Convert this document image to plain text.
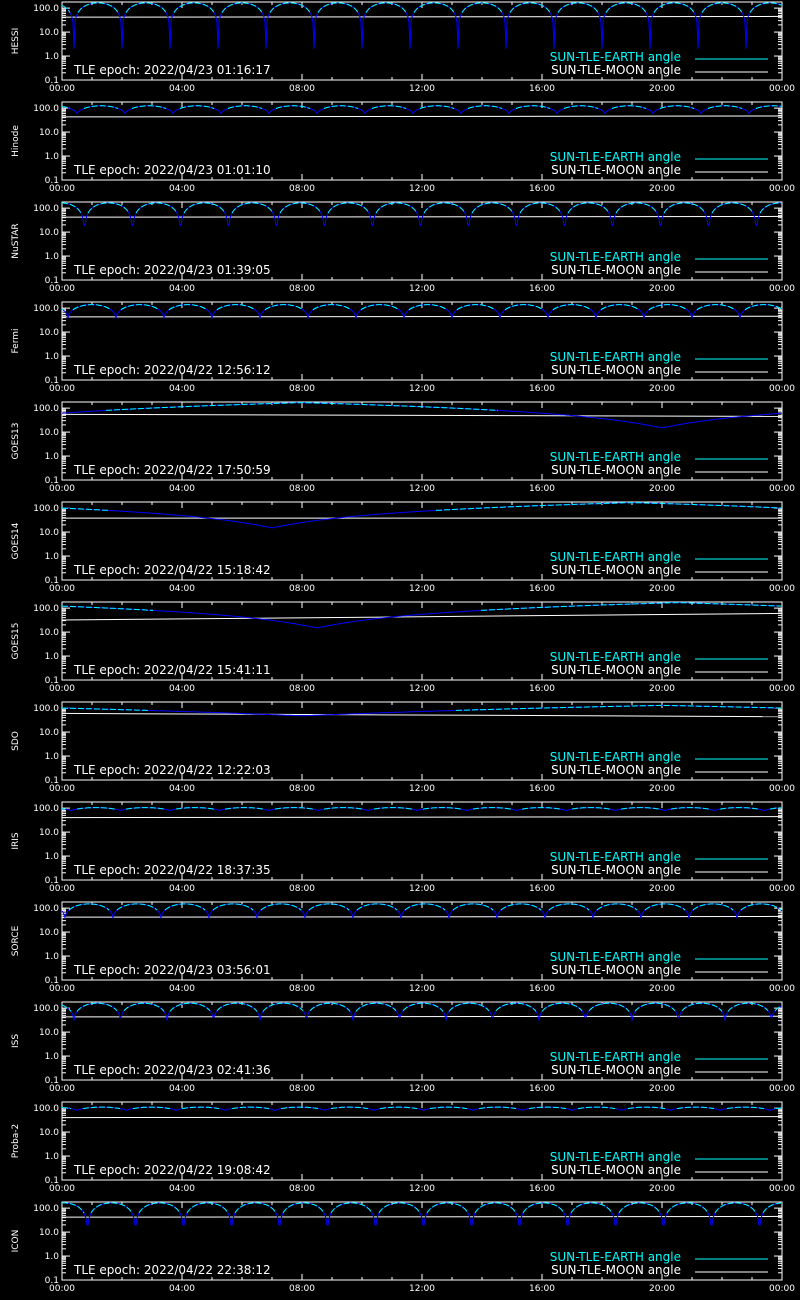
100.0
10.0
1.0
0.1
00:00	04:00	08:00	12:00	16:00	20:00	00:00
HESSI
TLE epoch: 2022/04/23 01:16:17
SUN-TLE-EARTH angle
SUN-TLE-MOON angle
100.0
10.0
1.0
0.1
00:00	04:00	08:00	12:00	16:00	20:00	00:00
Hinode
TLE epoch: 2022/04/23 01:01:10
SUN-TLE-EARTH angle
SUN-TLE-MOON angle
100.0
10.0
1.0
0.1
00:00	04:00	08:00	12:00	16:00	20:00	00:00
NuSTAR
TLE epoch: 2022/04/23 01:39:05
SUN-TLE-EARTH angle
SUN-TLE-MOON angle
100.0
10.0
1.0
0.1
00:00	04:00	08:00	12:00	16:00	20:00	00:00
Fermi
TLE epoch: 2022/04/22 12:56:12
SUN-TLE-EARTH angle
SUN-TLE-MOON angle
100.0
10.0
1.0
0.1
00:00	04:00	08:00	12:00	16:00	20:00	00:00
GOES13
TLE epoch: 2022/04/22 17:50:59
SUN-TLE-EARTH angle
SUN-TLE-MOON angle
100.0
10.0
1.0
0.1
00:00	04:00	08:00	12:00	16:00	20:00	00:00
GOES14
TLE epoch: 2022/04/22 15:18:42
SUN-TLE-EARTH angle
SUN-TLE-MOON angle
100.0
10.0
1.0
0.1
00:00	04:00	08:00	12:00	16:00	20:00	00:00
GOES15
TLE epoch: 2022/04/22 15:41:11
SUN-TLE-EARTH angle
SUN-TLE-MOON angle
100.0
10.0
1.0
0.1
00:00	04:00	08:00	12:00	16:00	20:00	00:00
SDO
TLE epoch: 2022/04/22 12:22:03
SUN-TLE-EARTH angle
SUN-TLE-MOON angle
100.0
10.0
1.0
0.1
00:00	04:00	08:00	12:00	16:00	20:00	00:00
IRIS
TLE epoch: 2022/04/22 18:37:35
SUN-TLE-EARTH angle
SUN-TLE-MOON angle
100.0
10.0
1.0
0.1
00:00	04:00	08:00	12:00	16:00	20:00	00:00
SORCE
TLE epoch: 2022/04/23 03:56:01
SUN-TLE-EARTH angle
SUN-TLE-MOON angle
100.0
10.0
1.0
0.1
00:00	04:00	08:00	12:00	16:00	20:00	00:00
ISS
TLE epoch: 2022/04/23 02:41:36
SUN-TLE-EARTH angle
SUN-TLE-MOON angle
100.0
10.0
1.0
0.1
00:00	04:00	08:00	12:00	16:00	20:00	00:00
Proba-2
TLE epoch: 2022/04/22 19:08:42
SUN-TLE-EARTH angle
SUN-TLE-MOON angle
100.0
10.0
1.0
0.1
00:00	04:00	08:00	12:00	16:00	20:00	00:00
ICON
TLE epoch: 2022/04/22 22:38:12
SUN-TLE-EARTH angle
SUN-TLE-MOON angle
